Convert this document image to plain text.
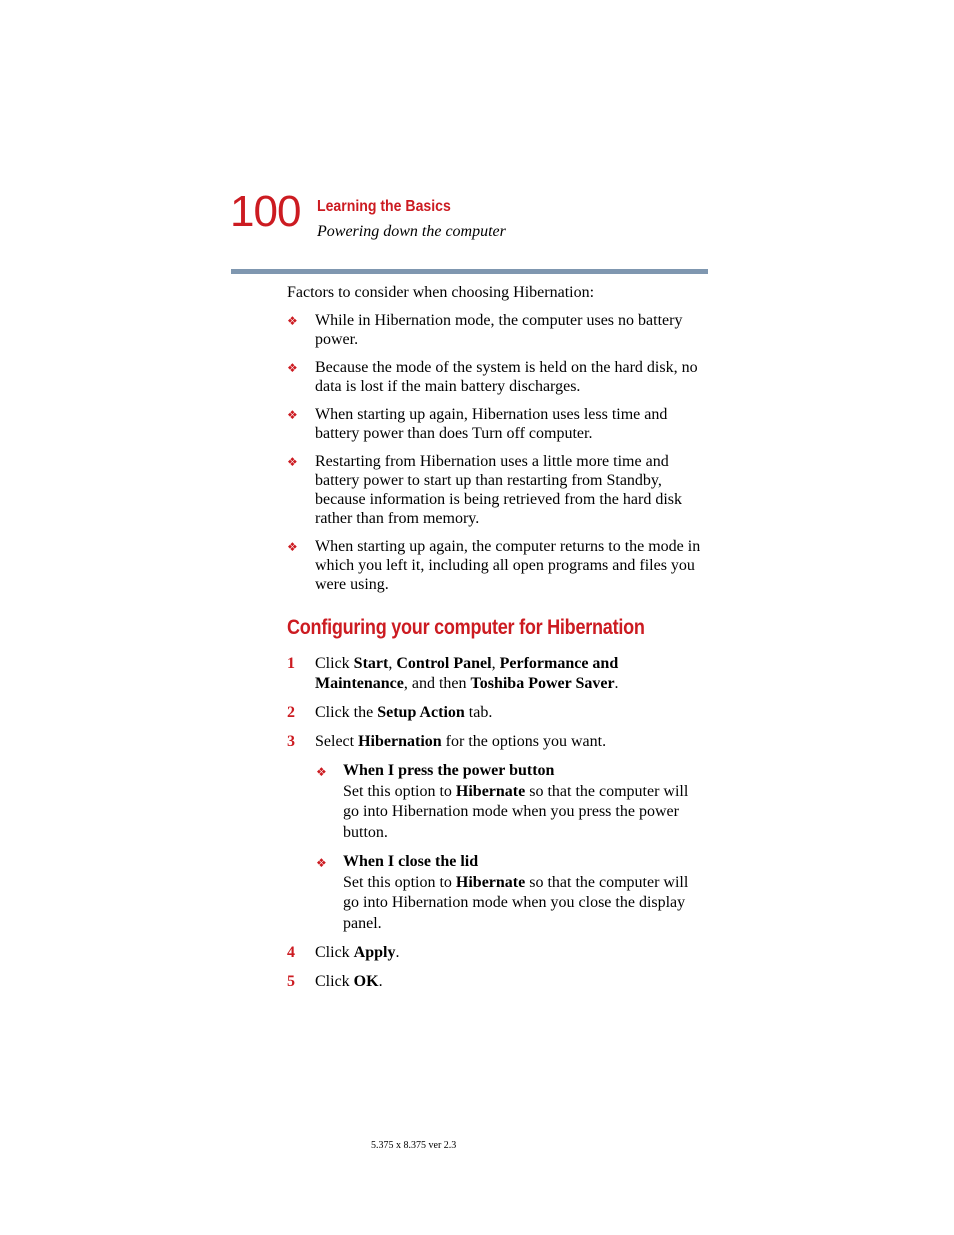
100 Learning the Basics
Powering down the computer

Factors to consider when choosing Hibernation:

❖ While in Hibernation mode, the computer uses no battery power.
❖ Because the mode of the system is held on the hard disk, no data is lost if the main battery discharges.
❖ When starting up again, Hibernation uses less time and battery power than does Turn off computer.
❖ Restarting from Hibernation uses a little more time and battery power to start up than restarting from Standby, because information is being retrieved from the hard disk rather than from memory.
❖ When starting up again, the computer returns to the mode in which you left it, including all open programs and files you were using.
Configuring your computer for Hibernation
1 Click Start, Control Panel, Performance and Maintenance, and then Toshiba Power Saver.
2 Click the Setup Action tab.
3 Select Hibernation for the options you want.
❖ When I press the power button
Set this option to Hibernate so that the computer will go into Hibernation mode when you press the power button.
❖ When I close the lid
Set this option to Hibernate so that the computer will go into Hibernation mode when you close the display panel.
4 Click Apply.
5 Click OK.
5.375 x 8.375 ver 2.3
